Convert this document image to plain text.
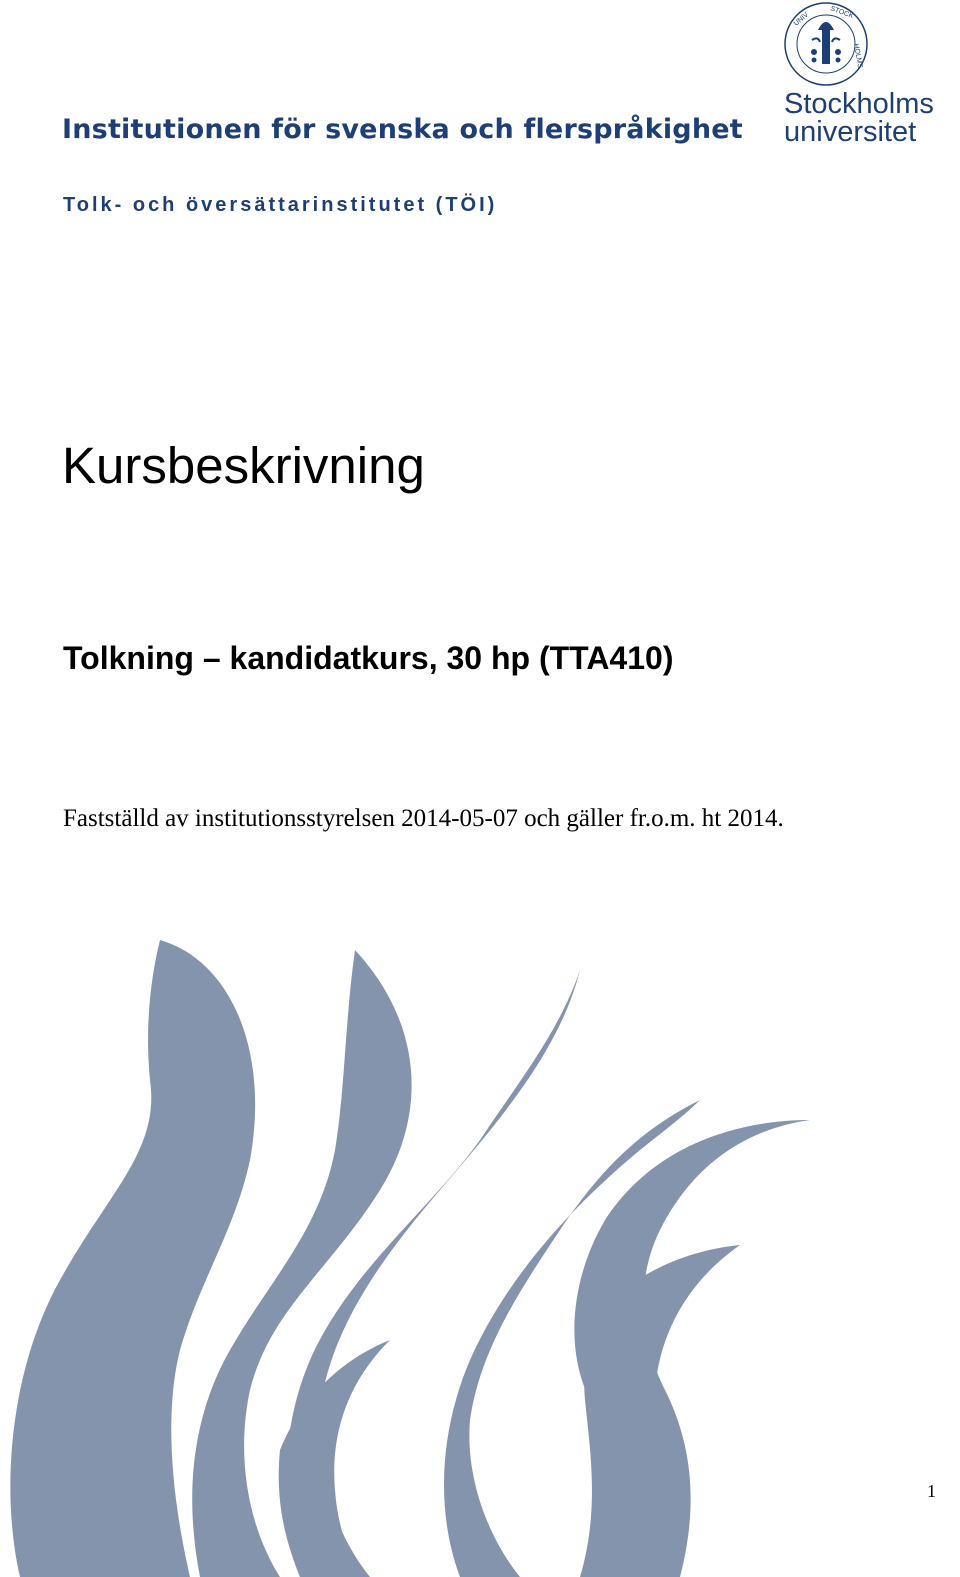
Institutionen för svenska och flerspråkighet
Tolk- och översättarinstitutet (TÖI)
UNIV	STOCK
HOLMS
Stockholms
universitet
Kursbeskrivning
Tolkning – kandidatkurs, 30 hp (TTA410)
Fastställd av institutionsstyrelsen 2014-05-07 och gäller fr.o.m. ht 2014.
1
